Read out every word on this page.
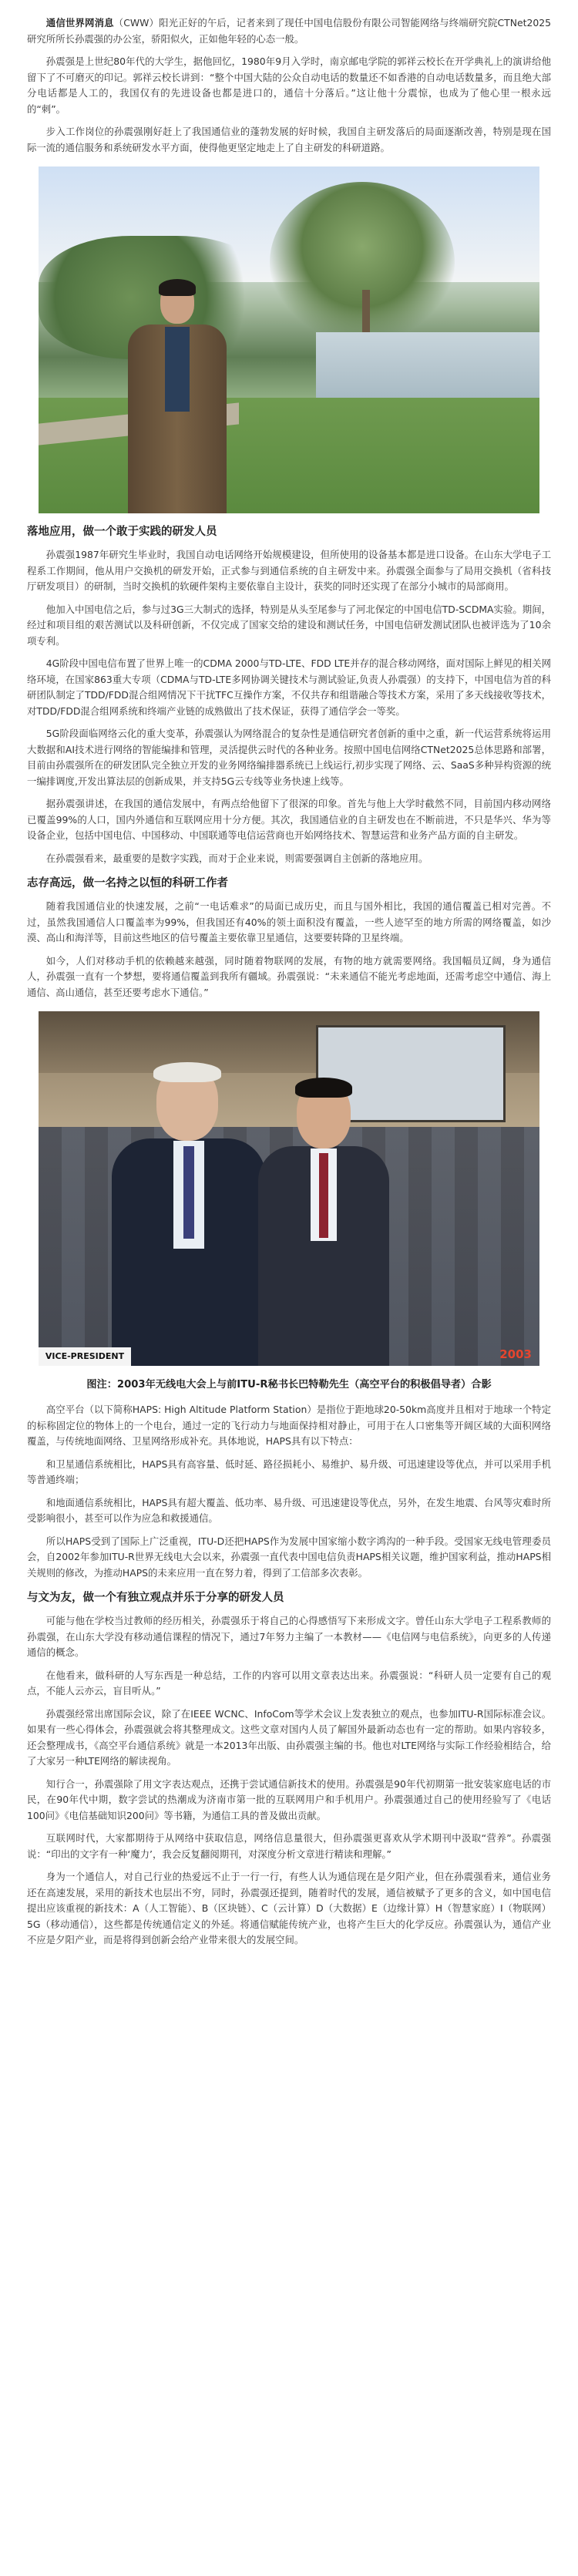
通信世界网消息（CWW）阳光正好的午后，记者来到了现任中国电信股份有限公司智能网络与终端研究院CTNet2025研究所所长孙震强的办公室，骄阳似火，正如他年轻的心态一般。

孙震强是上世纪80年代的大学生，据他回忆，1980年9月入学时，南京邮电学院的郭祥云校长在开学典礼上的演讲给他留下了不可磨灭的印记。郭祥云校长讲到：“整个中国大陆的公众自动电话的数量还不如香港的自动电话数量多，而且绝大部分电话都是人工的，我国仅有的先进设备也都是进口的，通信十分落后。”这让他十分震惊，也成为了他心里一根永远的“刺”。

步入工作岗位的孙震强刚好赶上了我国通信业的蓬勃发展的好时候，我国自主研发落后的局面逐渐改善，特别是现在国际一流的通信服务和系统研发水平方面，使得他更坚定地走上了自主研发的科研道路。

落地应用，做一个敢于实践的研发人员

孙震强1987年研究生毕业时，我国自动电话网络开始规模建设，但所使用的设备基本都是进口设备。在山东大学电子工程系工作期间，他从用户交换机的研发开始，正式参与到通信系统的自主研发中来。孙震强全面参与了局用交换机（省科技厅研发项目）的研制，当时交换机的软硬件架构主要依靠自主设计，获奖的同时还实现了在部分小城市的局部商用。

他加入中国电信之后，参与过3G三大制式的选择，特别是从头至尾参与了河北保定的中国电信TD-SCDMA实验。期间，经过和项目组的艰苦测试以及科研创新，不仅完成了国家交给的建设和测试任务，中国电信研发测试团队也被评选为了10余项专利。

4G阶段中国电信布置了世界上唯一的CDMA 2000与TD-LTE、FDD LTE并存的混合移动网络，面对国际上鲜见的相关网络环境，在国家863重大专项（CDMA与TD-LTE多网协调关键技术与测试验证,负责人孙震强）的支持下，中国电信为首的科研团队制定了TDD/FDD混合组网情况下干扰TFC互操作方案，不仅共存和组谐融合等技术方案，采用了多天线接收等技术，对TDD/FDD混合组网系统和终端产业链的成熟做出了技术保证，获得了通信学会一等奖。

5G阶段面临网络云化的重大变革，孙震强认为网络混合的复杂性是通信研究者创新的重中之重，新一代运营系统将运用大数据和AI技术进行网络的智能编排和管理，灵活提供云时代的各种业务。按照中国电信网络CTNet2025总体思路和部署，目前由孙震强所在的研发团队完全独立开发的业务网络编排器系统已上线运行,初步实现了网络、云、SaaS多种异构资源的统一编排调度,开发出算法层的创新成果，并支持5G云专线等业务快速上线等。

据孙震强讲述，在我国的通信发展中，有两点给他留下了很深的印象。首先与他上大学时截然不同，目前国内移动网络已覆盖99%的人口，国内外通信和互联网应用十分方便。其次，我国通信业的自主研发也在不断前进，不只是华兴、华为等设备企业，包括中国电信、中国移动、中国联通等电信运营商也开始网络技术、智慧运营和业务产品方面的自主研发。

在孙震强看来，最重要的是数字实践，而对于企业来说，则需要强调自主创新的落地应用。

志存高远，做一名持之以恒的科研工作者

随着我国通信业的快速发展，之前“一电话难求”的局面已成历史，而且与国外相比，我国的通信覆盖已相对完善。不过，虽然我国通信人口覆盖率为99%，但我国还有40%的领土面积没有覆盖，一些人迹罕至的地方所需的网络覆盖，如沙漠、高山和海洋等，目前这些地区的信号覆盖主要依靠卫星通信，这要要转降的卫星终端。

如今，人们对移动手机的依赖越来越强，同时随着物联网的发展，有物的地方就需要网络。我国幅员辽阔，身为通信人，孙震强一直有一个梦想，要将通信覆盖到我所有疆域。孙震强说：“未来通信不能光考虑地面，还需考虑空中通信、海上通信、高山通信，甚至还要考虑水下通信。”

VICE-PRESIDENT	2003

图注：2003年无线电大会上与前ITU-R秘书长巴特勒先生（高空平台的积极倡导者）合影

高空平台（以下简称HAPS: High Altitude Platform Station）是指位于距地球20-50km高度并且相对于地球一个特定的标称固定位的物体上的一个电台，通过一定的飞行动力与地面保持相对静止，可用于在人口密集等开阔区域的大面积网络覆盖，与传统地面网络、卫星网络形成补充。具体地说，HAPS具有以下特点：

和卫星通信系统相比，HAPS具有高容量、低时延、路径损耗小、易维护、易升级、可迅速建设等优点，并可以采用手机等普通终端；

和地面通信系统相比，HAPS具有超大覆盖、低功率、易升级、可迅速建设等优点，另外，在发生地震、台风等灾难时所受影响很小，甚至可以作为应急和救援通信。

所以HAPS受到了国际上广泛重视，ITU-D还把HAPS作为发展中国家缩小数字鸿沟的一种手段。受国家无线电管理委员会，自2002年参加ITU-R世界无线电大会以来，孙震强一直代表中国电信负责HAPS相关议题，维护国家利益，推动HAPS相关规则的修改，为推动HAPS的未来应用一直在努力着，得到了工信部多次表彰。

与文为友，做一个有独立观点并乐于分享的研发人员

可能与他在学校当过教师的经历相关，孙震强乐于将自己的心得感悟写下来形成文字。曾任山东大学电子工程系教师的孙震强，在山东大学没有移动通信课程的情况下，通过7年努力主编了一本教材——《电信网与电信系统》，向更多的人传递通信的概念。

在他看来，做科研的人写东西是一种总结，工作的内容可以用文章表达出来。孙震强说：“科研人员一定要有自己的观点，不能人云亦云，盲目听从。”

孙震强经常出席国际会议，除了在IEEE WCNC、InfoCom等学术会议上发表独立的观点，也参加ITU-R国际标准会议。如果有一些心得体会，孙震强就会将其整理成文。这些文章对国内人员了解国外最新动态也有一定的帮助。如果内容较多，还会整理成书，《高空平台通信系统》就是一本2013年出版、由孙震强主编的书。他也对LTE网络与实际工作经验相结合，给了大家另一种LTE网络的解读视角。

知行合一，孙震强除了用文字表达观点，还携于尝试通信新技术的使用。孙震强是90年代初期第一批安装家庭电话的市民，在90年代中期，数字尝试的热潮成为济南市第一批的互联网用户和手机用户。孙震强通过自己的使用经验写了《电话100问》《电信基础知识200问》等书籍，为通信工具的普及做出贡献。

互联网时代，大家都期待于从网络中获取信息，网络信息量很大，但孙震强更喜欢从学术期刊中汲取“营养”。孙震强说：“印出的文字有一种‘魔力’，我会反复翻阅期刊，对深度分析文章进行精读和理解。”

身为一个通信人，对自己行业的热爱远不止于一行一行，有些人认为通信现在是夕阳产业，但在孙震强看来，通信业务还在高速发展，采用的新技术也层出不穷，同时，孙震强还提到，随着时代的发展，通信被赋予了更多的含义，如中国电信提出应该重视的新技术：A（人工智能）、B（区块链）、C（云计算）D（大数据）E（边缘计算）H（智慧家庭）I（物联网）5G（移动通信），这些都是传统通信定义的外延。将通信赋能传统产业，也将产生巨大的化学反应。孙震强认为，通信产业不应是夕阳产业，而是将得到创新会给产业带来很大的发展空间。
